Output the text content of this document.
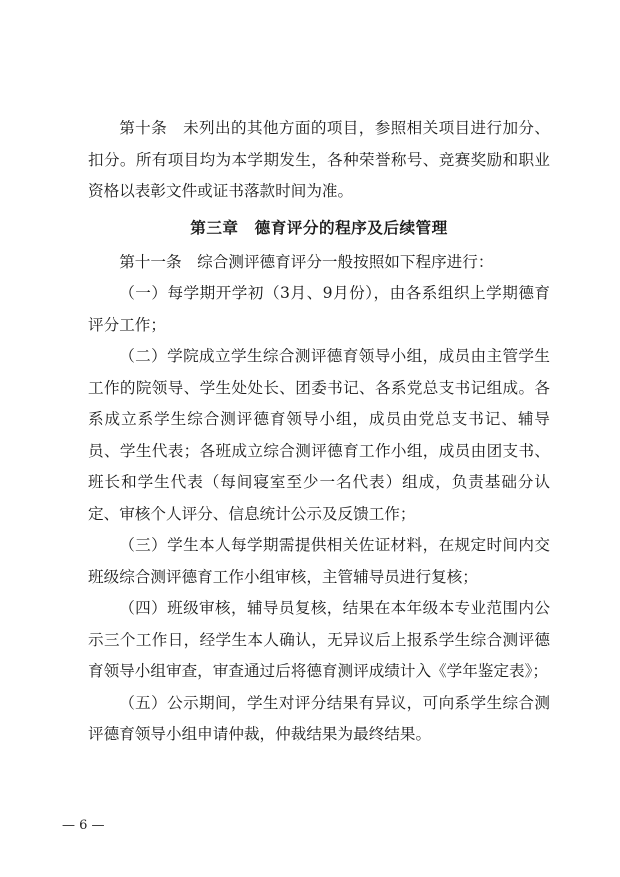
第十条　未列出的其他方面的项目，参照相关项目进行加分、扣分。所有项目均为本学期发生，各种荣誉称号、竞赛奖励和职业资格以表彰文件或证书落款时间为准。

第三章　德育评分的程序及后续管理

第十一条　综合测评德育评分一般按照如下程序进行：

（一）每学期开学初（3月、9月份），由各系组织上学期德育评分工作；

（二）学院成立学生综合测评德育领导小组，成员由主管学生工作的院领导、学生处处长、团委书记、各系党总支书记组成。各系成立系学生综合测评德育领导小组，成员由党总支书记、辅导员、学生代表；各班成立综合测评德育工作小组，成员由团支书、班长和学生代表（每间寝室至少一名代表）组成，负责基础分认定、审核个人评分、信息统计公示及反馈工作；

（三）学生本人每学期需提供相关佐证材料，在规定时间内交班级综合测评德育工作小组审核，主管辅导员进行复核；

（四）班级审核，辅导员复核，结果在本年级本专业范围内公示三个工作日，经学生本人确认，无异议后上报系学生综合测评德育领导小组审查，审查通过后将德育测评成绩计入《学年鉴定表》；

（五）公示期间，学生对评分结果有异议，可向系学生综合测评德育领导小组申请仲裁，仲裁结果为最终结果。

— 6 —
